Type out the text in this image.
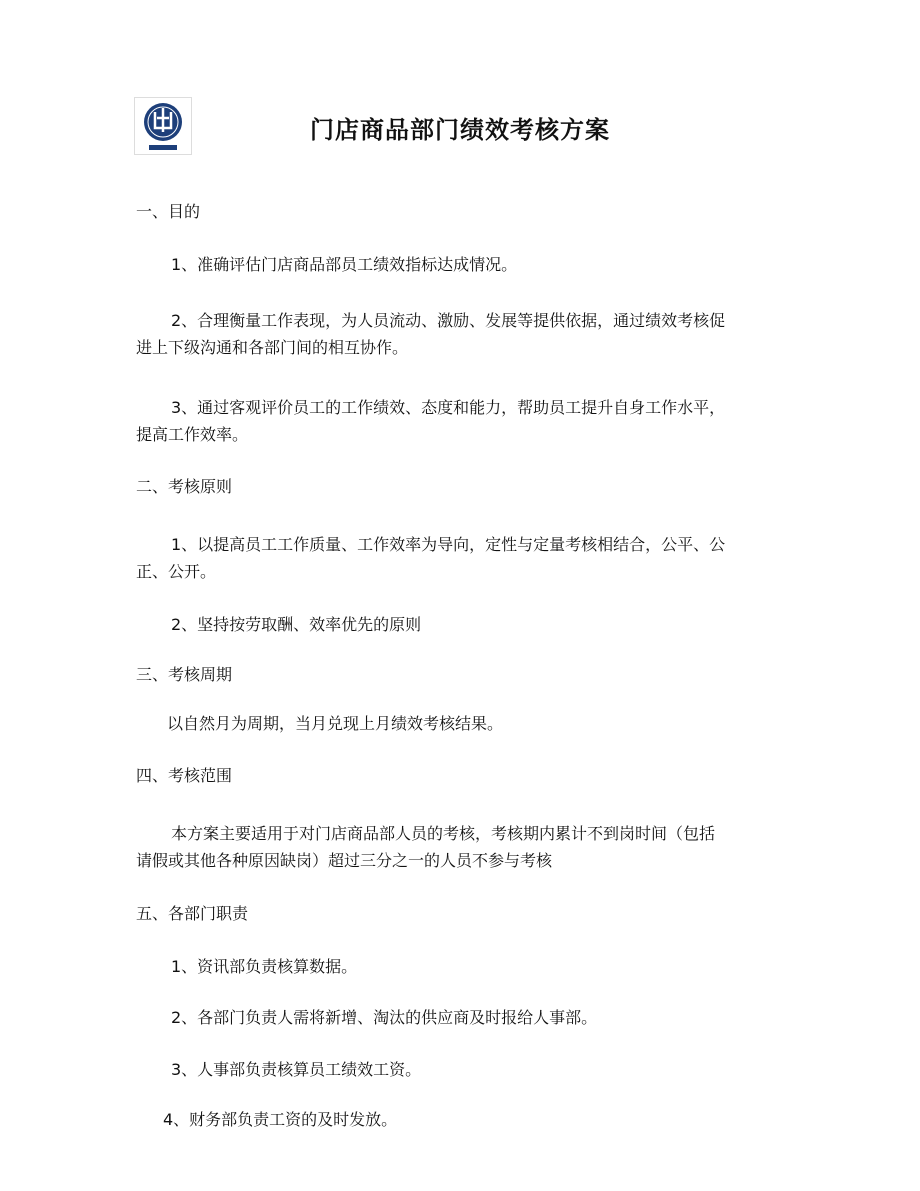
门店商品部门绩效考核方案

一、目的

1、准确评估门店商品部员工绩效指标达成情况。

2、合理衡量工作表现，为人员流动、激励、发展等提供依据，通过绩效考核促

进上下级沟通和各部门间的相互协作。

3、通过客观评价员工的工作绩效、态度和能力，帮助员工提升自身工作水平，

提高工作效率。

二、考核原则

1、以提高员工工作质量、工作效率为导向，定性与定量考核相结合，公平、公

正、公开。

2、坚持按劳取酬、效率优先的原则

三、考核周期

以自然月为周期，当月兑现上月绩效考核结果。

四、考核范围

本方案主要适用于对门店商品部人员的考核，考核期内累计不到岗时间（包括

请假或其他各种原因缺岗）超过三分之一的人员不参与考核

五、各部门职责

1、资讯部负责核算数据。

2、各部门负责人需将新增、淘汰的供应商及时报给人事部。

3、人事部负责核算员工绩效工资。

4、财务部负责工资的及时发放。
